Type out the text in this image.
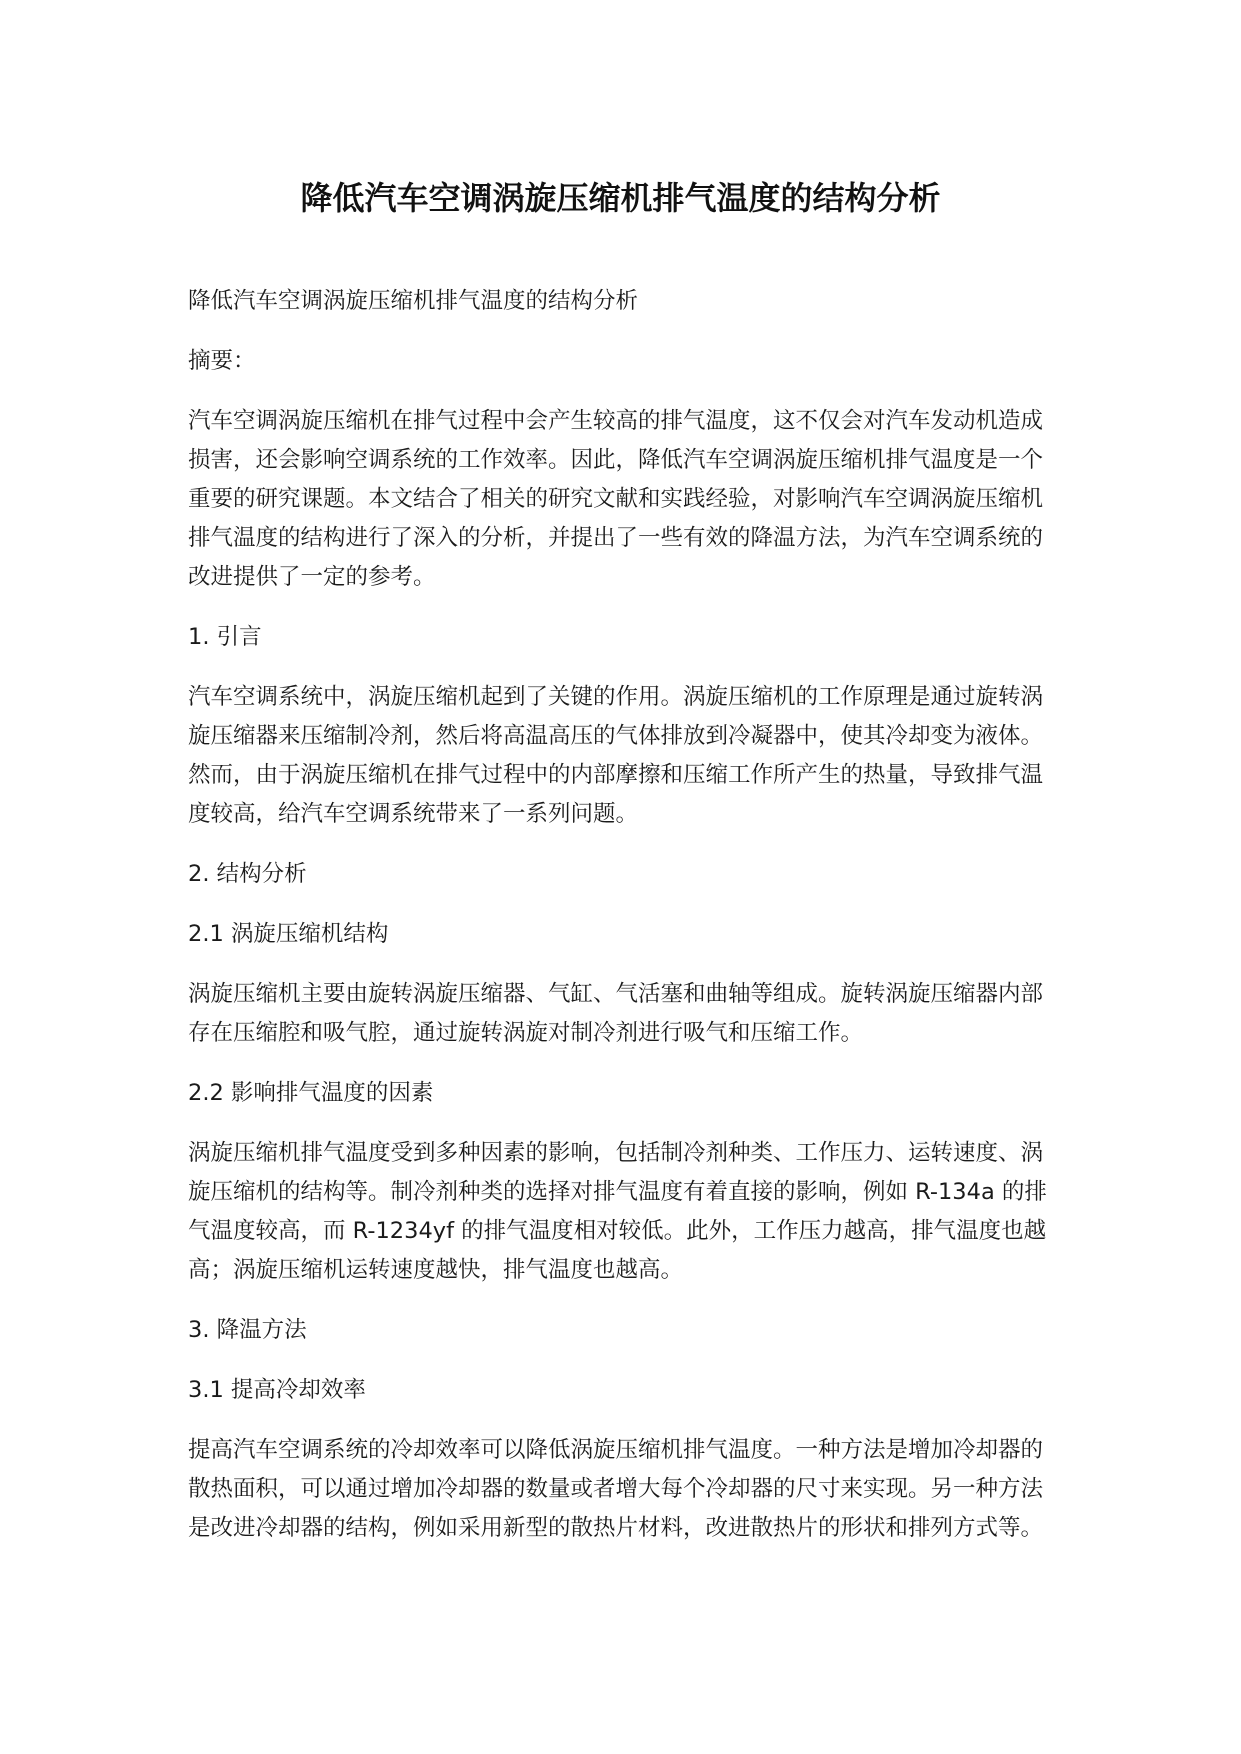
降低汽车空调涡旋压缩机排气温度的结构分析

降低汽车空调涡旋压缩机排气温度的结构分析

摘要：

汽车空调涡旋压缩机在排气过程中会产生较高的排气温度，这不仅会对汽车发动机造成损害，还会影响空调系统的工作效率。因此，降低汽车空调涡旋压缩机排气温度是一个重要的研究课题。本文结合了相关的研究文献和实践经验，对影响汽车空调涡旋压缩机排气温度的结构进行了深入的分析，并提出了一些有效的降温方法，为汽车空调系统的改进提供了一定的参考。

1. 引言

汽车空调系统中，涡旋压缩机起到了关键的作用。涡旋压缩机的工作原理是通过旋转涡旋压缩器来压缩制冷剂，然后将高温高压的气体排放到冷凝器中，使其冷却变为液体。然而，由于涡旋压缩机在排气过程中的内部摩擦和压缩工作所产生的热量，导致排气温度较高，给汽车空调系统带来了一系列问题。

2. 结构分析

2.1 涡旋压缩机结构

涡旋压缩机主要由旋转涡旋压缩器、气缸、气活塞和曲轴等组成。旋转涡旋压缩器内部存在压缩腔和吸气腔，通过旋转涡旋对制冷剂进行吸气和压缩工作。

2.2 影响排气温度的因素

涡旋压缩机排气温度受到多种因素的影响，包括制冷剂种类、工作压力、运转速度、涡旋压缩机的结构等。制冷剂种类的选择对排气温度有着直接的影响，例如 R-134a 的排气温度较高，而 R-1234yf 的排气温度相对较低。此外，工作压力越高，排气温度也越高；涡旋压缩机运转速度越快，排气温度也越高。

3. 降温方法

3.1 提高冷却效率

提高汽车空调系统的冷却效率可以降低涡旋压缩机排气温度。一种方法是增加冷却器的散热面积，可以通过增加冷却器的数量或者增大每个冷却器的尺寸来实现。另一种方法是改进冷却器的结构，例如采用新型的散热片材料，改进散热片的形状和排列方式等。
